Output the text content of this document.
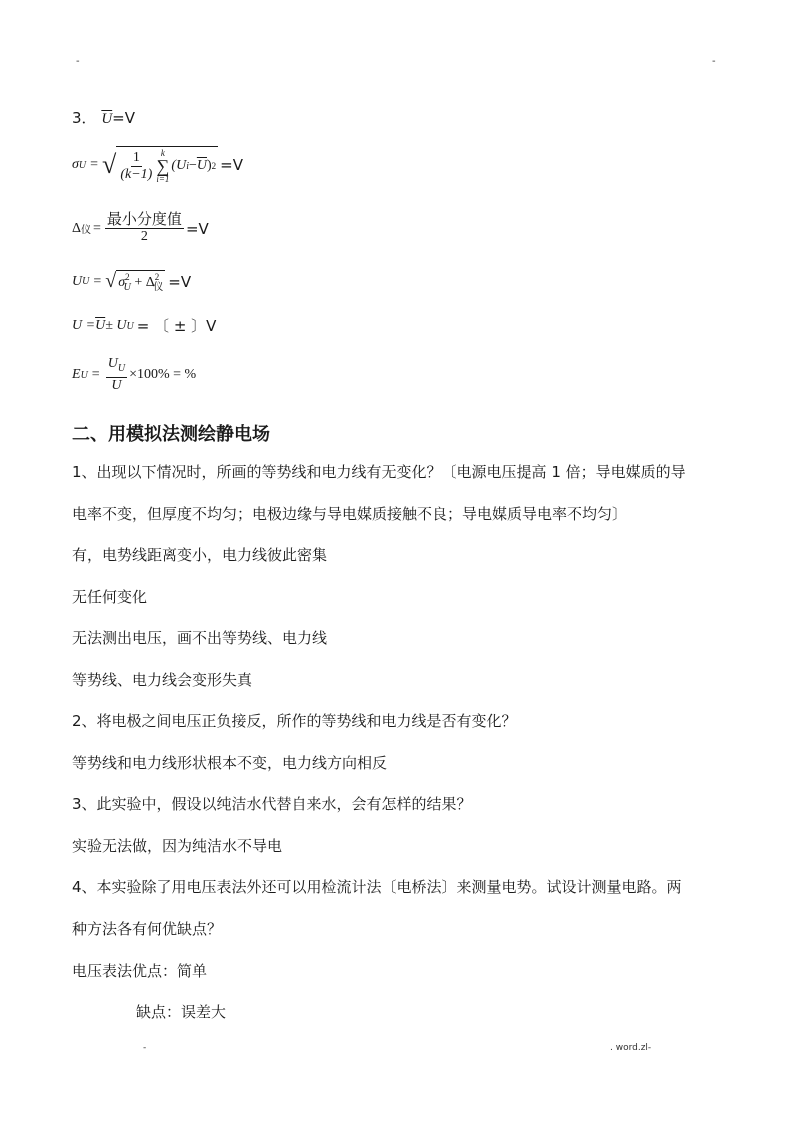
-	-
3． $\overline{U}=V$
σ U = √ $\frac{1}{(k-1)}$ k
∑
i=1
(U $i - \overline{U}$ ) 2 =V
Δ 仪 = $\frac{\text{最小分度值}}{2} =V$
U U = √ $\sigma^2_U + \Delta^2_仪 =V$
$U = \overline{U} \pm U$ U = 〔 ± 〕V
E $U = \frac{U_U}{U} \times 100\%$ = %
二、用模拟法测绘静电场
1、出现以下情况时，所画的等势线和电力线有无变化？〔电源电压提高 1 倍；导电媒质的导
电率不变，但厚度不均匀；电极边缘与导电媒质接触不良；导电媒质导电率不均匀〕
有，电势线距离变小，电力线彼此密集
无任何变化
无法测出电压，画不出等势线、电力线
等势线、电力线会变形失真
2、将电极之间电压正负接反，所作的等势线和电力线是否有变化？
等势线和电力线形状根本不变，电力线方向相反
3、此实验中，假设以纯洁水代替自来水，会有怎样的结果？
实验无法做，因为纯洁水不导电
4、本实验除了用电压表法外还可以用检流计法〔电桥法〕来测量电势。试设计测量电路。两
种方法各有何优缺点？
电压表法优点：简单
缺点：误差大
-	. word.zl-
